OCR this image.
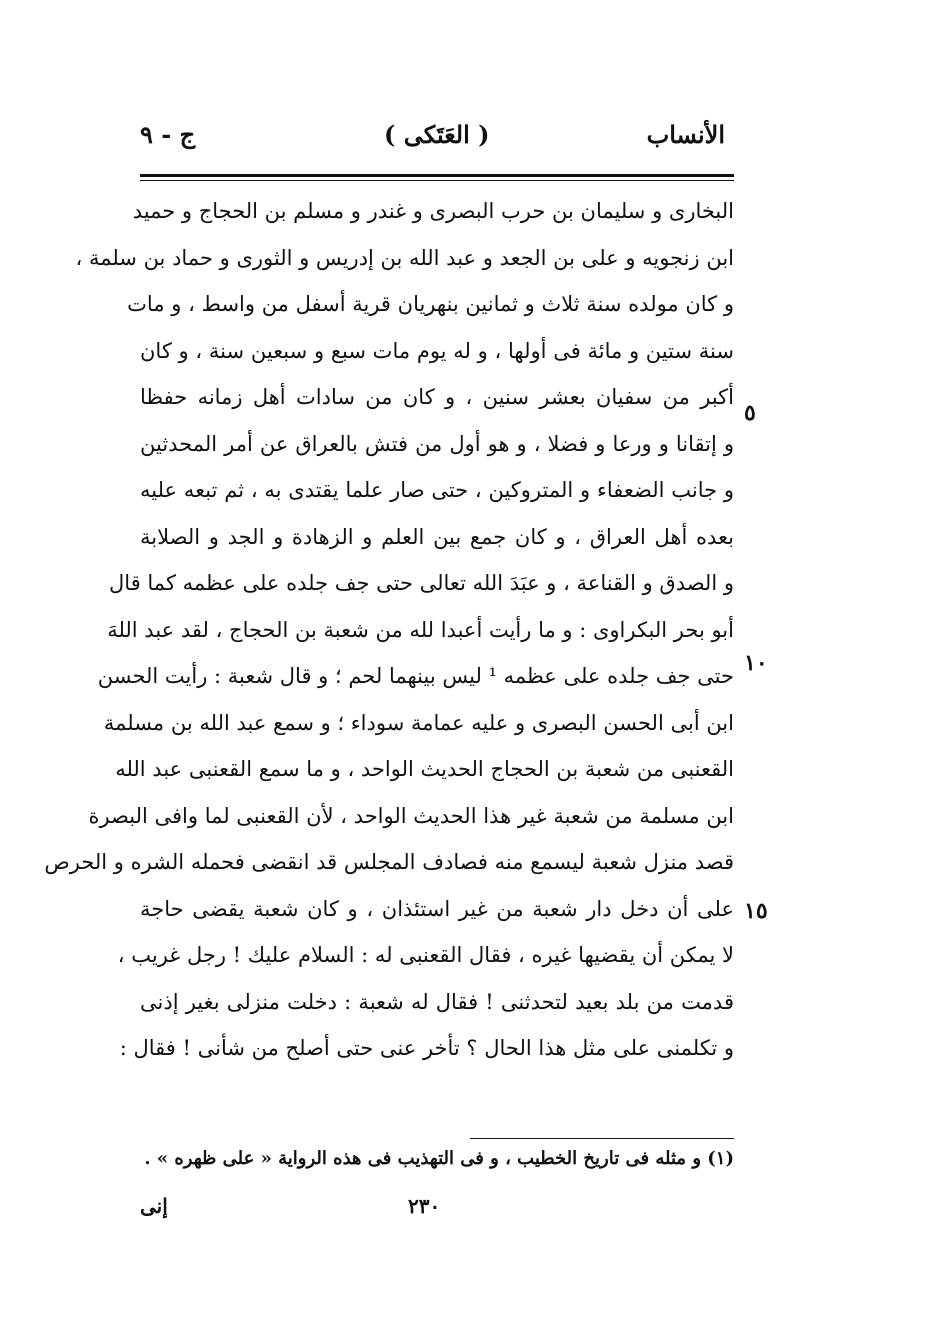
الأنساب
( العَتَكى )
ج - ٩
البخارى و سليمان بن حرب البصرى و غندر و مسلم بن الحجاج و حميد
ابن زنجويه و على بن الجعد و عبد الله بن إدريس و الثورى و حماد بن سلمة ،
و كان مولده سنة ثلاث و ثمانين بنهريان قرية أسفل من واسط ، و مات
سنة ستين و مائة فى أولها ، و له يوم مات سبع و سبعين سنة ، و كان
أكبر من سفيان بعشر سنين ، و كان من سادات أهل زمانه حفظا
و إتقانا و ورعا و فضلا ، و هو أول من فتش بالعراق عن أمر المحدثين
و جانب الضعفاء و المتروكين ، حتى صار علما يقتدى به ، ثم تبعه عليه
بعده أهل العراق ، و كان جمع بين العلم و الزهادة و الجد و الصلابة
و الصدق و القناعة ، و عبَدَ الله تعالى حتى جف جلده على عظمه كما قال
أبو بحر البكراوى : و ما رأيت أعبدا لله من شعبة بن الحجاج ، لقد عبد اللهَ
حتى جف جلده على عظمه ¹ ليس بينهما لحم ؛ و قال شعبة : رأيت الحسن
ابن أبى الحسن البصرى و عليه عمامة سوداء ؛ و سمع عبد الله بن مسلمة
القعنبى من شعبة بن الحجاج الحديث الواحد ، و ما سمع القعنبى عبد الله
ابن مسلمة من شعبة غير هذا الحديث الواحد ، لأن القعنبى لما وافى البصرة
قصد منزل شعبة ليسمع منه فصادف المجلس قد انقضى فحمله الشره و الحرص
على أن دخل دار شعبة من غير استئذان ، و كان شعبة يقضى حاجة
لا يمكن أن يقضيها غيره ، فقال القعنبى له : السلام عليك ! رجل غريب ،
قدمت من بلد بعيد لتحدثنى ! فقال له شعبة : دخلت منزلى بغير إذنى
و تكلمنى على مثل هذا الحال ؟ تأخر عنى حتى أصلح من شأنى ! فقال :
٥
١٠
١٥
(١) و مثله فى تاريخ الخطيب ، و فى التهذيب فى هذه الرواية « على ظهره » .
٢٣٠
إنى
